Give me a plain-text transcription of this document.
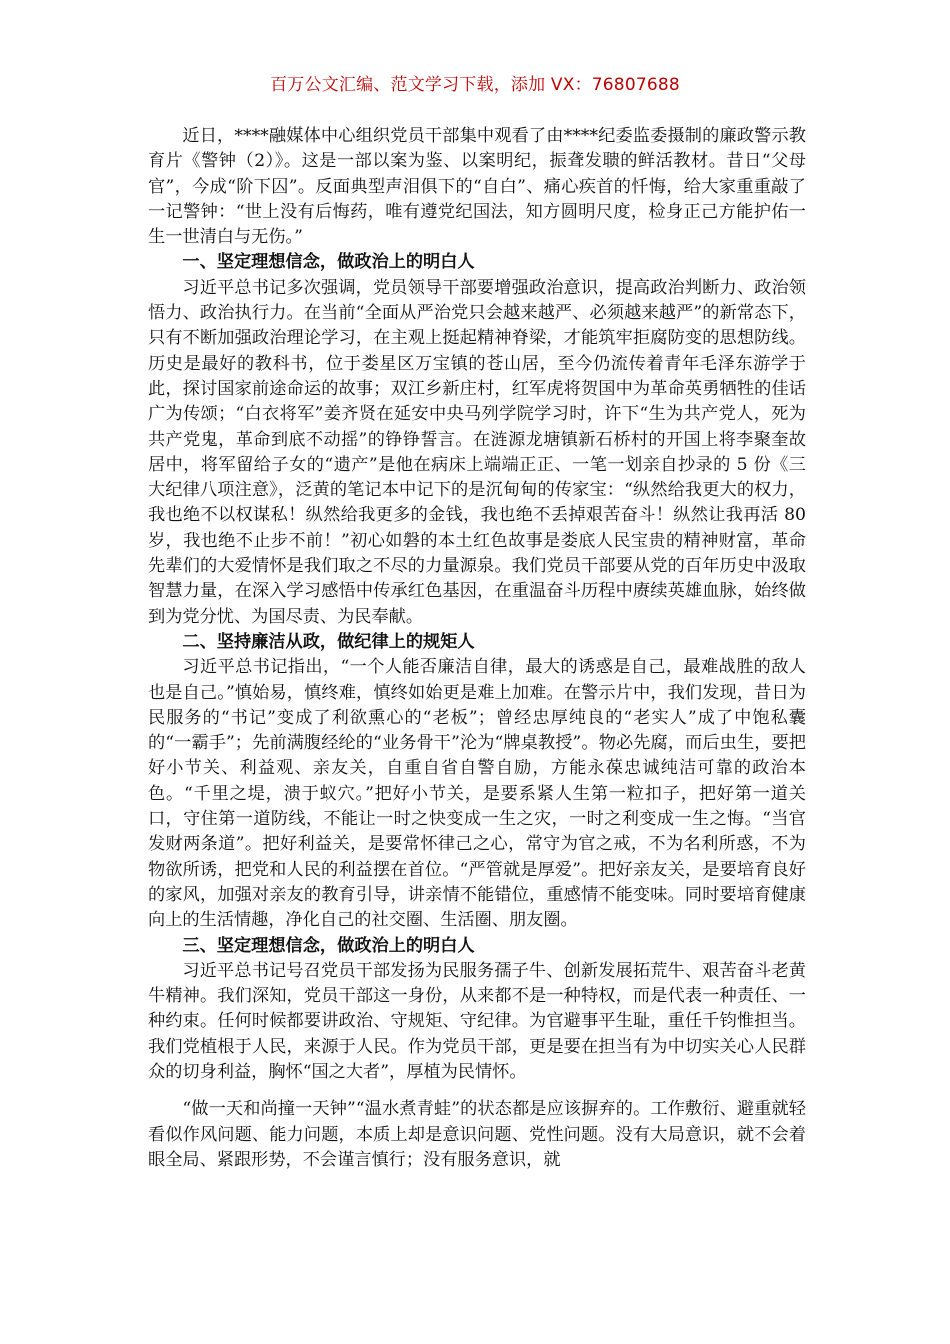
百万公文汇编、范文学习下载，添加 VX：76807688

近日，****融媒体中心组织党员干部集中观看了由****纪委监委摄制的廉政警示教育片《警钟（2）》。这是一部以案为鉴、以案明纪，振聋发聩的鲜活教材。昔日“父母官”，今成“阶下囚”。反面典型声泪俱下的“自白”、痛心疾首的忏悔，给大家重重敲了一记警钟：“世上没有后悔药，唯有遵党纪国法，知方圆明尺度，检身正己方能护佑一生一世清白与无伤。”

一、坚定理想信念，做政治上的明白人

习近平总书记多次强调，党员领导干部要增强政治意识，提高政治判断力、政治领悟力、政治执行力。在当前“全面从严治党只会越来越严、必须越来越严”的新常态下，只有不断加强政治理论学习，在主观上挺起精神脊梁，才能筑牢拒腐防变的思想防线。历史是最好的教科书，位于娄星区万宝镇的苍山居，至今仍流传着青年毛泽东游学于此，探讨国家前途命运的故事；双江乡新庄村，红军虎将贺国中为革命英勇牺牲的佳话广为传颂；“白衣将军”姜齐贤在延安中央马列学院学习时，许下“生为共产党人，死为共产党鬼，革命到底不动摇”的铮铮誓言。在涟源龙塘镇新石桥村的开国上将李聚奎故居中，将军留给子女的“遗产”是他在病床上端端正正、一笔一划亲自抄录的 5 份《三大纪律八项注意》，泛黄的笔记本中记下的是沉甸甸的传家宝：“纵然给我更大的权力，我也绝不以权谋私！纵然给我更多的金钱，我也绝不丢掉艰苦奋斗！纵然让我再活 80 岁，我也绝不止步不前！”初心如磐的本土红色故事是娄底人民宝贵的精神财富，革命先辈们的大爱情怀是我们取之不尽的力量源泉。我们党员干部要从党的百年历史中汲取智慧力量，在深入学习感悟中传承红色基因，在重温奋斗历程中赓续英雄血脉，始终做到为党分忧、为国尽责、为民奉献。

二、坚持廉洁从政，做纪律上的规矩人

习近平总书记指出，“一个人能否廉洁自律，最大的诱惑是自己，最难战胜的敌人也是自己。”慎始易，慎终难，慎终如始更是难上加难。在警示片中，我们发现，昔日为民服务的“书记”变成了利欲熏心的“老板”；曾经忠厚纯良的“老实人”成了中饱私囊的“一霸手”；先前满腹经纶的“业务骨干”沦为“牌桌教授”。物必先腐，而后虫生，要把好小节关、利益观、亲友关，自重自省自警自励，方能永葆忠诚纯洁可靠的政治本色。“千里之堤，溃于蚁穴。”把好小节关，是要系紧人生第一粒扣子，把好第一道关口，守住第一道防线，不能让一时之快变成一生之灾，一时之利变成一生之悔。“当官发财两条道”。把好利益关，是要常怀律己之心，常守为官之戒，不为名利所惑，不为物欲所诱，把党和人民的利益摆在首位。“严管就是厚爱”。把好亲友关，是要培育良好的家风，加强对亲友的教育引导，讲亲情不能错位，重感情不能变味。同时要培育健康向上的生活情趣，净化自己的社交圈、生活圈、朋友圈。

三、坚定理想信念，做政治上的明白人

习近平总书记号召党员干部发扬为民服务孺子牛、创新发展拓荒牛、艰苦奋斗老黄牛精神。我们深知，党员干部这一身份，从来都不是一种特权，而是代表一种责任、一种约束。任何时候都要讲政治、守规矩、守纪律。为官避事平生耻，重任千钧惟担当。我们党植根于人民，来源于人民。作为党员干部，更是要在担当有为中切实关心人民群众的切身利益，胸怀“国之大者”，厚植为民情怀。

“做一天和尚撞一天钟”“温水煮青蛙”的状态都是应该摒弃的。工作敷衍、避重就轻看似作风问题、能力问题，本质上却是意识问题、党性问题。没有大局意识，就不会着眼全局、紧跟形势，不会谨言慎行；没有服务意识，就
